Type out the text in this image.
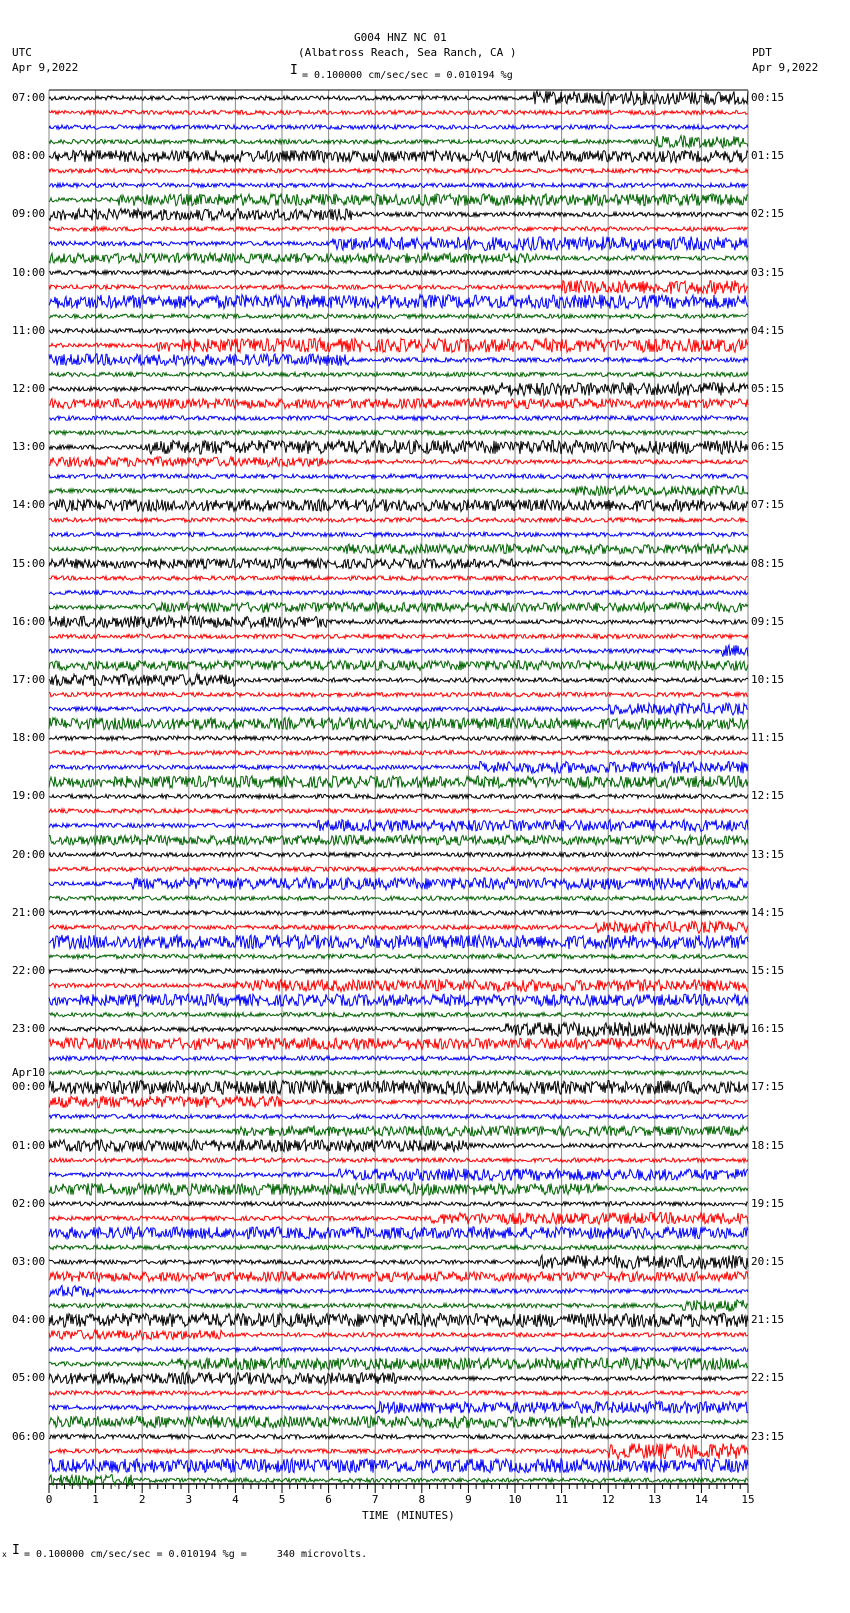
G004 HNZ NC 01
(Albatross Reach, Sea Ranch, CA )
UTC
Apr 9,2022
PDT
Apr 9,2022
I = 0.100000 cm/sec/sec = 0.010194 %g
TIME (MINUTES)
x I = 0.100000 cm/sec/sec = 0.010194 %g =     340 microvolts.
0	1	2	3	4	5	6	7	8	9	10	11	12	13	14	15
07:00	00:15
08:00	01:15
09:00	02:15
10:00	03:15
11:00	04:15
12:00	05:15
13:00	06:15
14:00	07:15
15:00	08:15
16:00	09:15
17:00	10:15
18:00	11:15
19:00	12:15
20:00	13:15
21:00	14:15
22:00	15:15
23:00	16:15
00:00	17:15
01:00	18:15
02:00	19:15
03:00	20:15
04:00	21:15
05:00	22:15
06:00	23:15
Apr10
